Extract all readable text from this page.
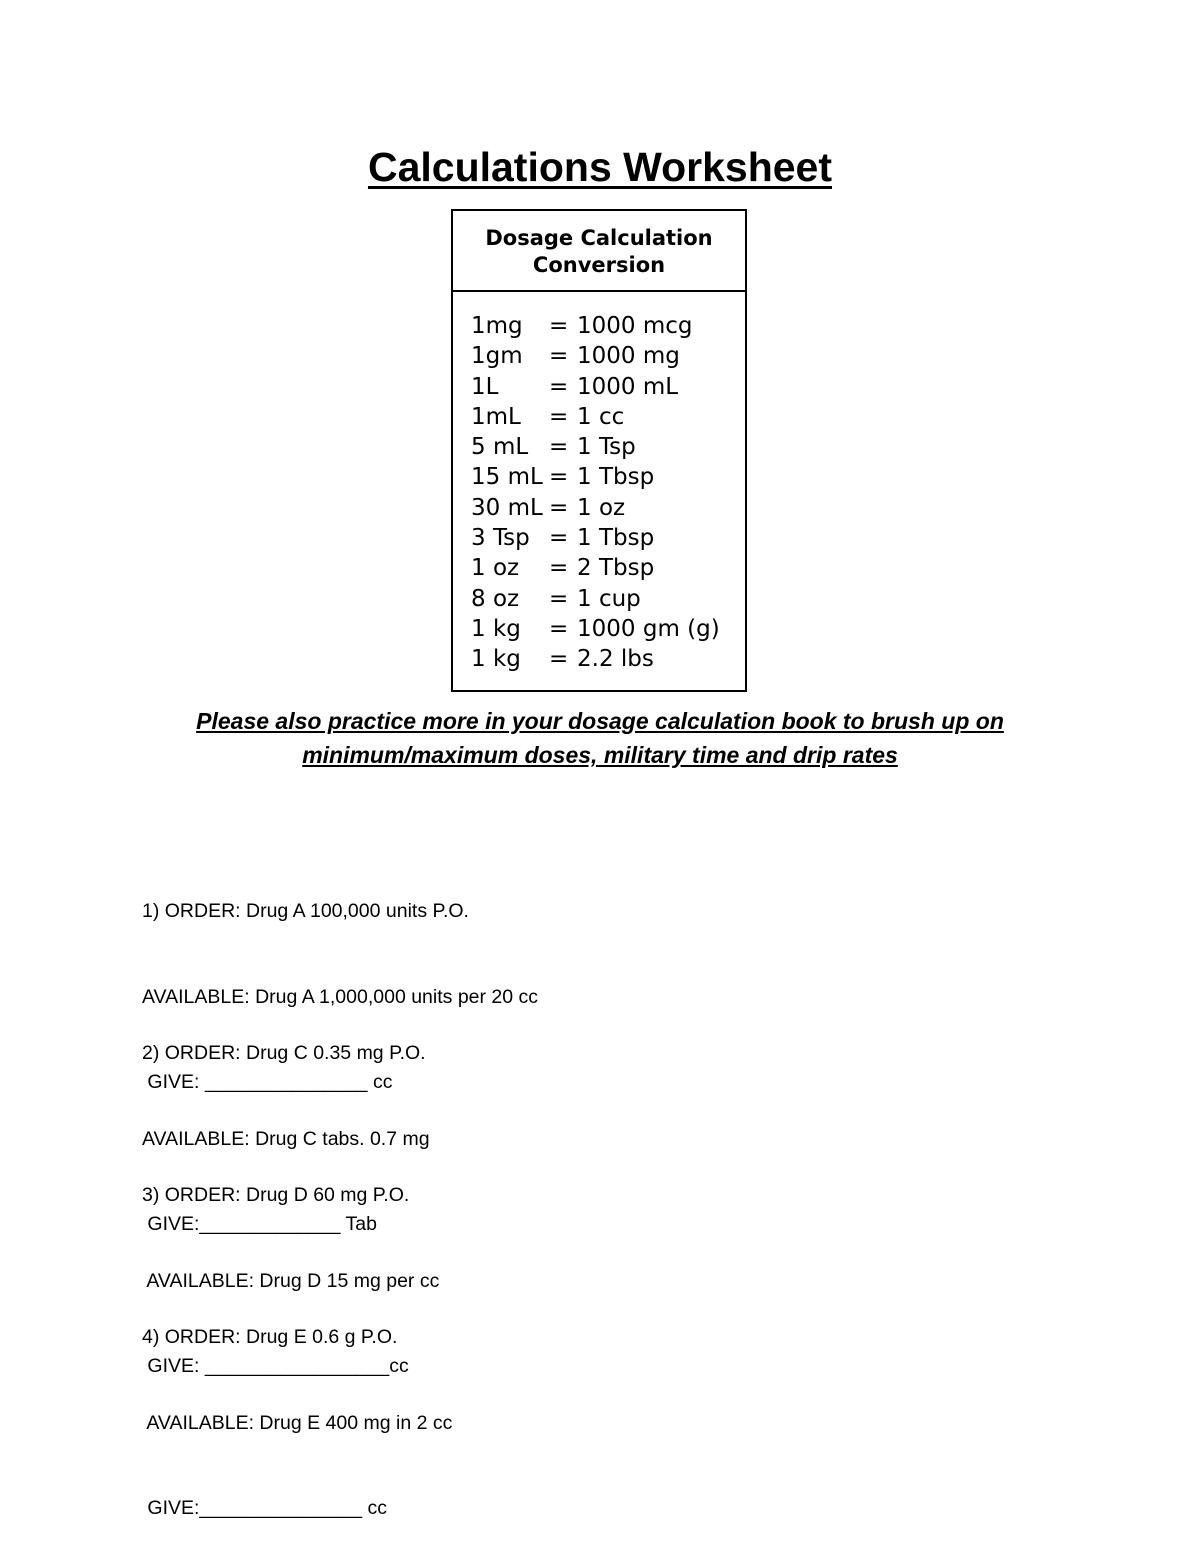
Calculations Worksheet
Dosage Calculation
Conversion
1mg	= 1000 mcg
1gm	= 1000 mg
1L	= 1000 mL
1mL	= 1 cc
5 mL = 1 Tsp
15 mL = 1 Tbsp
30 mL = 1 oz
3 Tsp = 1 Tbsp
1 oz	= 2 Tbsp
8 oz	= 1 cup
1 kg	= 1000 gm (g)
1 kg	= 2.2 lbs

Please also practice more in your dosage calculation book to brush up on
minimum/maximum doses, military time and drip rates

1) ORDER: Drug A 100,000 units P.O.

AVAILABLE: Drug A 1,000,000 units per 20 cc

GIVE: _______________ cc

2) ORDER: Drug C 0.35 mg P.O.

AVAILABLE: Drug C tabs. 0.7 mg

GIVE:_____________ Tab

3) ORDER: Drug D 60 mg P.O.

AVAILABLE: Drug D 15 mg per cc

GIVE: _________________cc

4) ORDER: Drug E 0.6 g P.O.

AVAILABLE: Drug E 400 mg in 2 cc

GIVE:_______________ cc
